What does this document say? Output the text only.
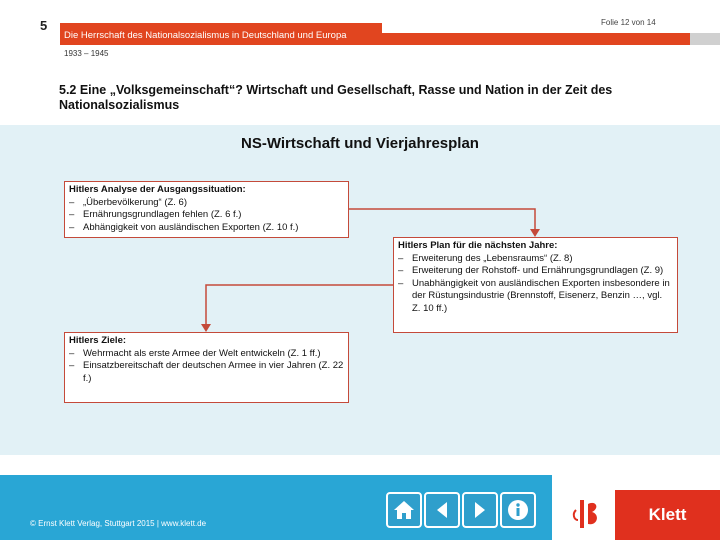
5
Die Herrschaft des Nationalsozialismus in Deutschland und Europa
Folie 12 von 14
1933 – 1945
5.2 Eine „Volksgemeinschaft“? Wirtschaft und Gesellschaft, Rasse und Nation in der Zeit des Nationalsozialismus
NS-Wirtschaft und Vierjahresplan
Hitlers Analyse der Ausgangssituation:
– „Überbevölkerung“ (Z. 6)
– Ernährungsgrundlagen fehlen (Z. 6 f.)
– Abhängigkeit von ausländischen Exporten (Z. 10 f.)
Hitlers Plan für die nächsten Jahre:
– Erweiterung des „Lebensraums“ (Z. 8)
– Erweiterung der Rohstoff- und Ernährungsgrundlagen (Z. 9)
– Unabhängigkeit von ausländischen Exporten insbesondere in der Rüstungsindustrie (Brennstoff, Eisenerz, Benzin …, vgl. Z. 10 ff.)
Hitlers Ziele:
– Wehrmacht als erste Armee der Welt entwickeln (Z. 1 ff.)
– Einsatzbereitschaft der deutschen Armee in vier Jahren (Z. 22 f.)
© Ernst Klett Verlag, Stuttgart 2015 | www.klett.de	Klett
